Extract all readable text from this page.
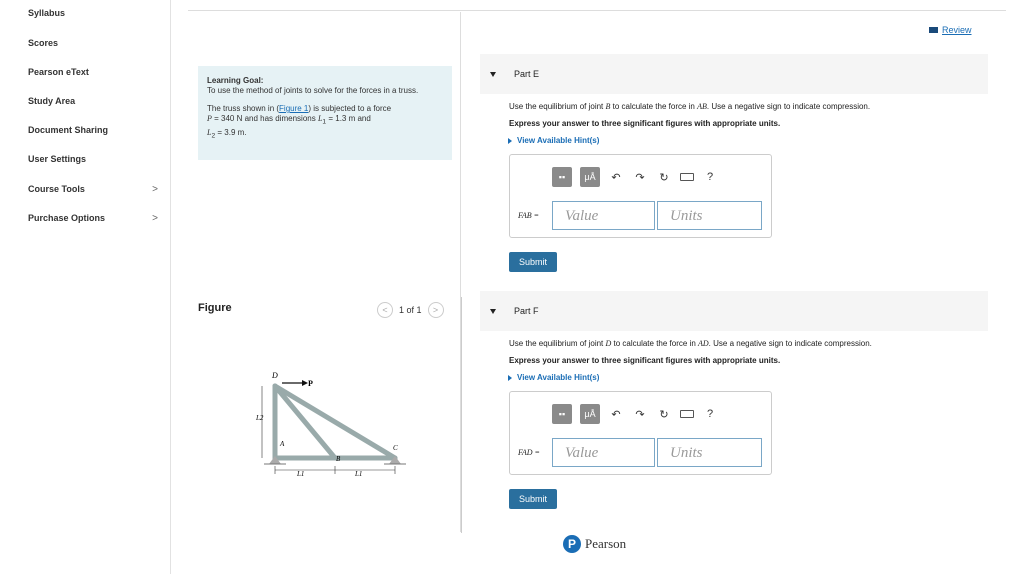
Syllabus
Scores
Pearson eText
Study Area
Document Sharing
User Settings
Course Tools	>
Purchase Options	>
Review
Learning Goal:
To use the method of joints to solve for the forces in a truss.
The truss shown in (Figure 1) is subjected to a force
P = 340 N and has dimensions $L_1 = 1.3$ m and
$L_2 = 3.9$ m.
Figure	<	1 of 1	>
D
P
A
B
C
L2
L1	L1
Part E
Use the equilibrium of joint B to calculate the force in AB. Use a negative sign to indicate compression.
Express your answer to three significant figures with appropriate units.
View Available Hint(s)
▪▪	μÅ	↶	↷	↻	?
FAB =	Value	Units
Submit
Part F
Use the equilibrium of joint D to calculate the force in AD. Use a negative sign to indicate compression.
Express your answer to three significant figures with appropriate units.
View Available Hint(s)
▪▪	μÅ	↶	↷	↻	?
FAD =	Value	Units
Submit
P Pearson
